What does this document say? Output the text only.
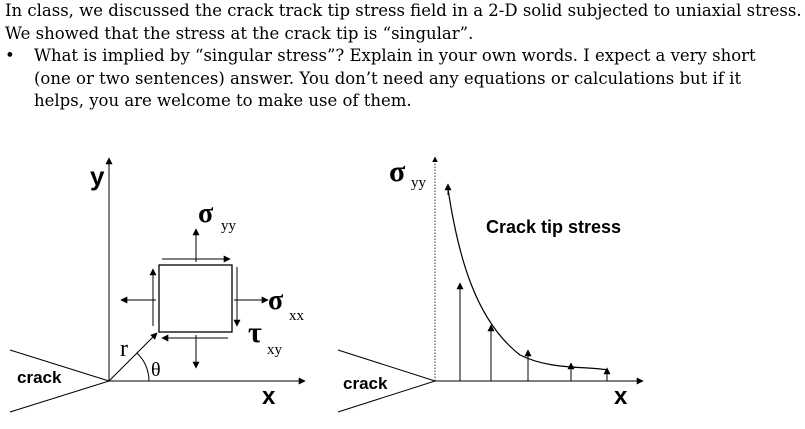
In class, we discussed the crack track tip stress field in a 2-D solid subjected to uniaxial stress.
We showed that the stress at the crack tip is “singular”.
• What is implied by “singular stress”? Explain in your own words. I expect a very short
(one or two sentences) answer. You don’t need any equations or calculations but if it
helps, you are welcome to make use of them.
y
x
crack
r
θ
σ yy
σ xx
τ
xy
σ yy
Crack tip stress
crack	x
